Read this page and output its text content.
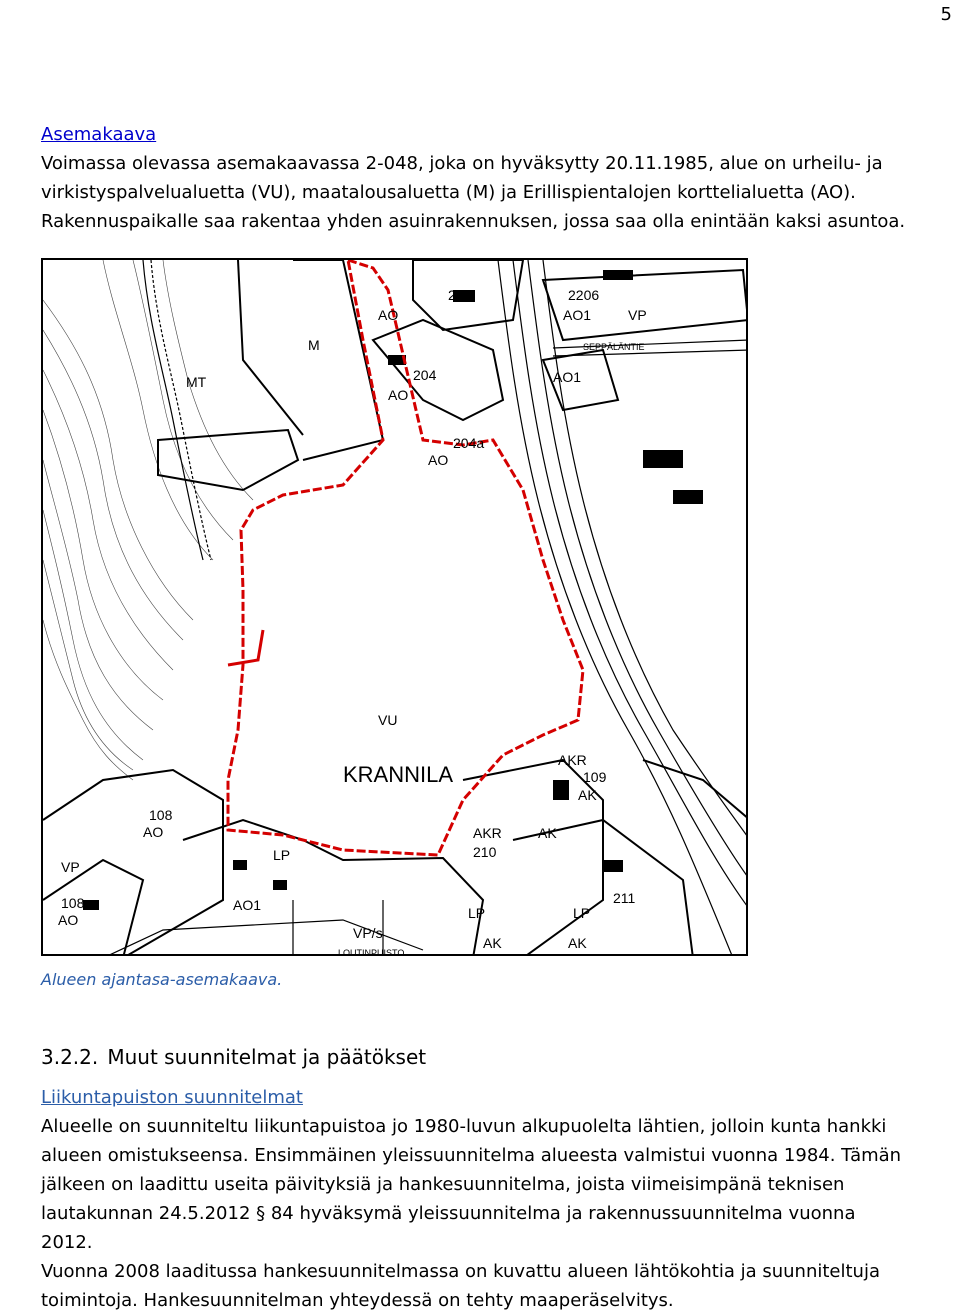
5

Asemakaava

Voimassa olevassa asemakaavassa 2-048, joka on hyväksytty 20.11.1985, alue on urheilu- ja

virkistyspalvelualuetta (VU), maatalousaluetta (M) ja Erillispientalojen korttelialuetta (AO).

Rakennuspaikalle saa rakentaa yhden asuinrakennuksen, jossa saa olla enintään kaksi asuntoa.

MT
M
VU
KRANNILA
SEPPÄLÄNTIE
LOUTINPUISTO
204
204a
2206
209
108
108
210
211
109
AO
AO
AO
AO
AO
AO1
AO1
AO1
VP
VP
VP/s
AKR
AKR
AK
AK
AK	AK
LP	LP
LP
Alueen ajantasa-asemakaava.
3.2.2. Muut suunnitelmat ja päätökset

Liikuntapuiston suunnitelmat

Alueelle on suunniteltu liikuntapuistoa jo 1980-luvun alkupuolelta lähtien, jolloin kunta hankki

alueen omistukseensa. Ensimmäinen yleissuunnitelma alueesta valmistui vuonna 1984. Tämän

jälkeen on laadittu useita päivityksiä ja hankesuunnitelma, joista viimeisimpänä teknisen

lautakunnan 24.5.2012 § 84 hyväksymä yleissuunnitelma ja rakennussuunnitelma vuonna

2012.

Vuonna 2008 laaditussa hankesuunnitelmassa on kuvattu alueen lähtökohtia ja suunniteltuja

toimintoja. Hankesuunnitelman yhteydessä on tehty maaperäselvitys.
